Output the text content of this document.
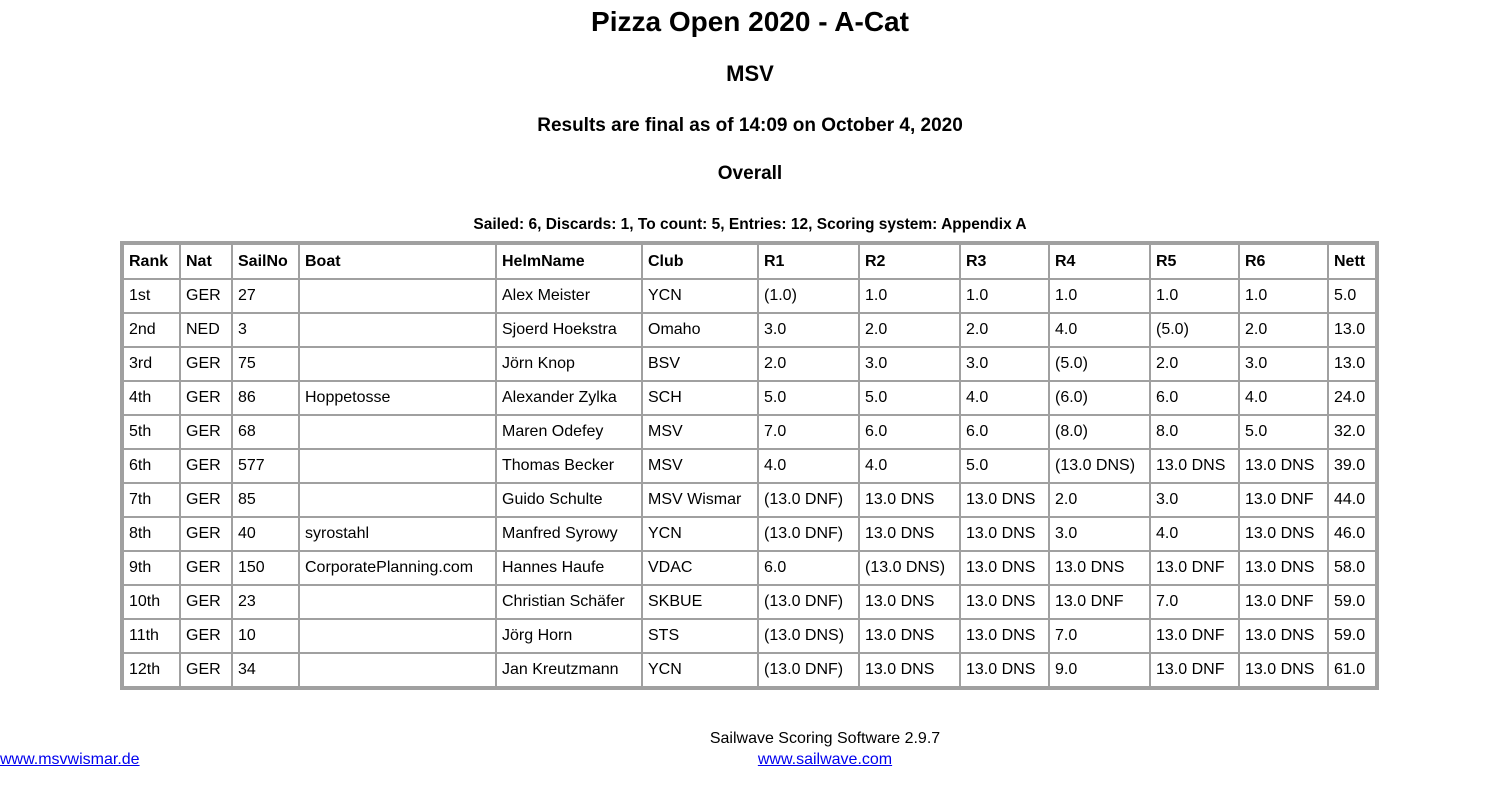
Pizza Open 2020 - A-Cat
MSV
Results are final as of 14:09 on October 4, 2020
Overall
Sailed: 6, Discards: 1, To count: 5, Entries: 12, Scoring system: Appendix A
Rank	Nat	SailNo	Boat	HelmName	Club	R1	R2	R3	R4	R5	R6	Nett
1st	GER	27		Alex Meister	YCN	(1.0)	1.0	1.0	1.0	1.0	1.0	5.0
2nd	NED	3		Sjoerd Hoekstra	Omaho	3.0	2.0	2.0	4.0	(5.0)	2.0	13.0
3rd	GER	75		Jörn Knop	BSV	2.0	3.0	3.0	(5.0)	2.0	3.0	13.0
4th	GER	86	Hoppetosse	Alexander Zylka	SCH	5.0	5.0	4.0	(6.0)	6.0	4.0	24.0
5th	GER	68		Maren Odefey	MSV	7.0	6.0	6.0	(8.0)	8.0	5.0	32.0
6th	GER	577		Thomas Becker	MSV	4.0	4.0	5.0	(13.0 DNS)	13.0 DNS	13.0 DNS	39.0
7th	GER	85		Guido Schulte	MSV Wismar	(13.0 DNF)	13.0 DNS	13.0 DNS	2.0	3.0	13.0 DNF	44.0
8th	GER	40	syrostahl	Manfred Syrowy	YCN	(13.0 DNF)	13.0 DNS	13.0 DNS	3.0	4.0	13.0 DNS	46.0
9th	GER	150	CorporatePlanning.com	Hannes Haufe	VDAC	6.0	(13.0 DNS)	13.0 DNS	13.0 DNS	13.0 DNF	13.0 DNS	58.0
10th	GER	23		Christian Schäfer	SKBUE	(13.0 DNF)	13.0 DNS	13.0 DNS	13.0 DNF	7.0	13.0 DNF	59.0
11th	GER	10		Jörg Horn	STS	(13.0 DNS)	13.0 DNS	13.0 DNS	7.0	13.0 DNF	13.0 DNS	59.0
12th	GER	34		Jan Kreutzmann	YCN	(13.0 DNF)	13.0 DNS	13.0 DNS	9.0	13.0 DNF	13.0 DNS	61.0
www.msvwismar.de
Sailwave Scoring Software 2.9.7
www.sailwave.com
